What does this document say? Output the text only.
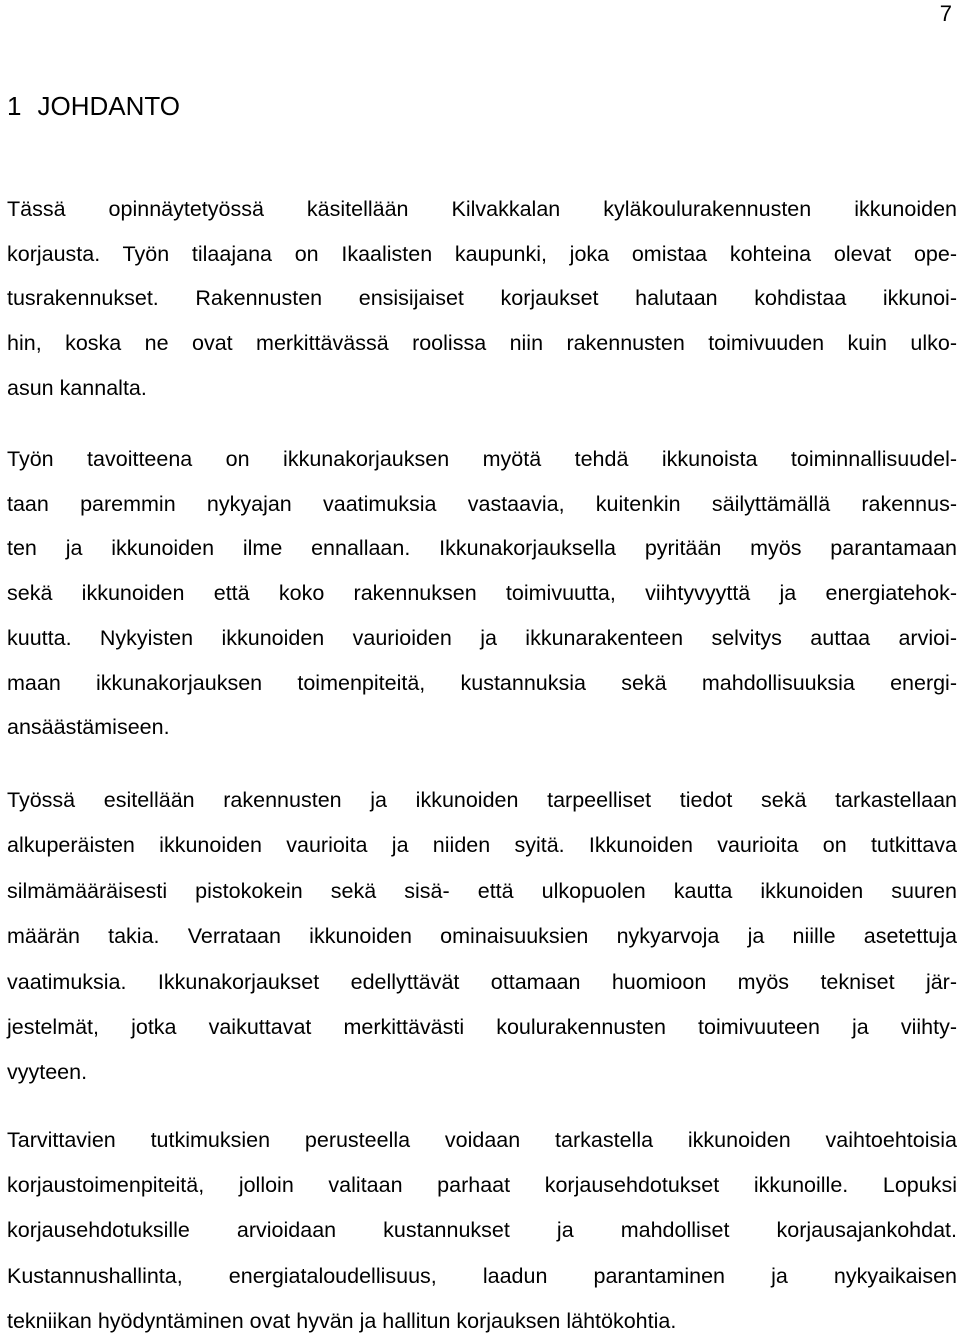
7
1 JOHDANTO

Tässä opinnäytetyössä käsitellään Kilvakkalan kyläkoulurakennusten ikkunoiden
korjausta. Työn tilaajana on Ikaalisten kaupunki, joka omistaa kohteina olevat ope-
tusrakennukset. Rakennusten ensisijaiset korjaukset halutaan kohdistaa ikkunoi-
hin, koska ne ovat merkittävässä roolissa niin rakennusten toimivuuden kuin ulko-
asun kannalta.

Työn tavoitteena on ikkunakorjauksen myötä tehdä ikkunoista toiminnallisuudel-
taan paremmin nykyajan vaatimuksia vastaavia, kuitenkin säilyttämällä rakennus-
ten ja ikkunoiden ilme ennallaan. Ikkunakorjauksella pyritään myös parantamaan
sekä ikkunoiden että koko rakennuksen toimivuutta, viihtyvyyttä ja energiatehok-
kuutta. Nykyisten ikkunoiden vaurioiden ja ikkunarakenteen selvitys auttaa arvioi-
maan ikkunakorjauksen toimenpiteitä, kustannuksia sekä mahdollisuuksia energi-
ansäästämiseen.

Työssä esitellään rakennusten ja ikkunoiden tarpeelliset tiedot sekä tarkastellaan
alkuperäisten ikkunoiden vaurioita ja niiden syitä. Ikkunoiden vaurioita on tutkittava
silmämääräisesti pistokokein sekä sisä- että ulkopuolen kautta ikkunoiden suuren
määrän takia. Verrataan ikkunoiden ominaisuuksien nykyarvoja ja niille asetettuja
vaatimuksia. Ikkunakorjaukset edellyttävät ottamaan huomioon myös tekniset jär-
jestelmät, jotka vaikuttavat merkittävästi koulurakennusten toimivuuteen ja viihty-
vyyteen.

Tarvittavien tutkimuksien perusteella voidaan tarkastella ikkunoiden vaihtoehtoisia
korjaustoimenpiteitä, jolloin valitaan parhaat korjausehdotukset ikkunoille. Lopuksi
korjausehdotuksille arvioidaan kustannukset ja mahdolliset korjausajankohdat.
Kustannushallinta, energiataloudellisuus, laadun parantaminen ja nykyaikaisen
tekniikan hyödyntäminen ovat hyvän ja hallitun korjauksen lähtökohtia.
